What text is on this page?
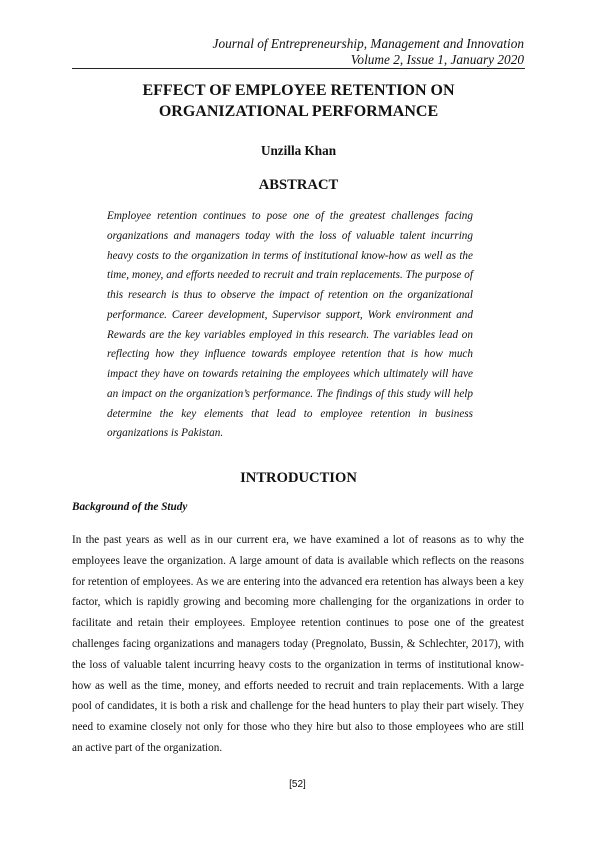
Journal of Entrepreneurship, Management and Innovation
Volume 2, Issue 1, January 2020
EFFECT OF EMPLOYEE RETENTION ON
ORGANIZATIONAL PERFORMANCE
Unzilla Khan
ABSTRACT

Employee retention continues to pose one of the greatest challenges facing organizations and managers today with the loss of valuable talent incurring heavy costs to the organization in terms of institutional know-how as well as the time, money, and efforts needed to recruit and train replacements. The purpose of this research is thus to observe the impact of retention on the organizational performance. Career development, Supervisor support, Work environment and Rewards are the key variables employed in this research. The variables lead on reflecting how they influence towards employee retention that is how much impact they have on towards retaining the employees which ultimately will have an impact on the organization’s performance. The findings of this study will help determine the key elements that lead to employee retention in business organizations is Pakistan.

INTRODUCTION
Background of the Study

In the past years as well as in our current era, we have examined a lot of reasons as to why the employees leave the organization. A large amount of data is available which reflects on the reasons for retention of employees. As we are entering into the advanced era retention has always been a key factor, which is rapidly growing and becoming more challenging for the organizations in order to facilitate and retain their employees. Employee retention continues to pose one of the greatest challenges facing organizations and managers today (Pregnolato, Bussin, & Schlechter, 2017), with the loss of valuable talent incurring heavy costs to the organization in terms of institutional know-how as well as the time, money, and efforts needed to recruit and train replacements. With a large pool of candidates, it is both a risk and challenge for the head hunters to play their part wisely. They need to examine closely not only for those who they hire but also to those employees who are still an active part of the organization.

[52]
